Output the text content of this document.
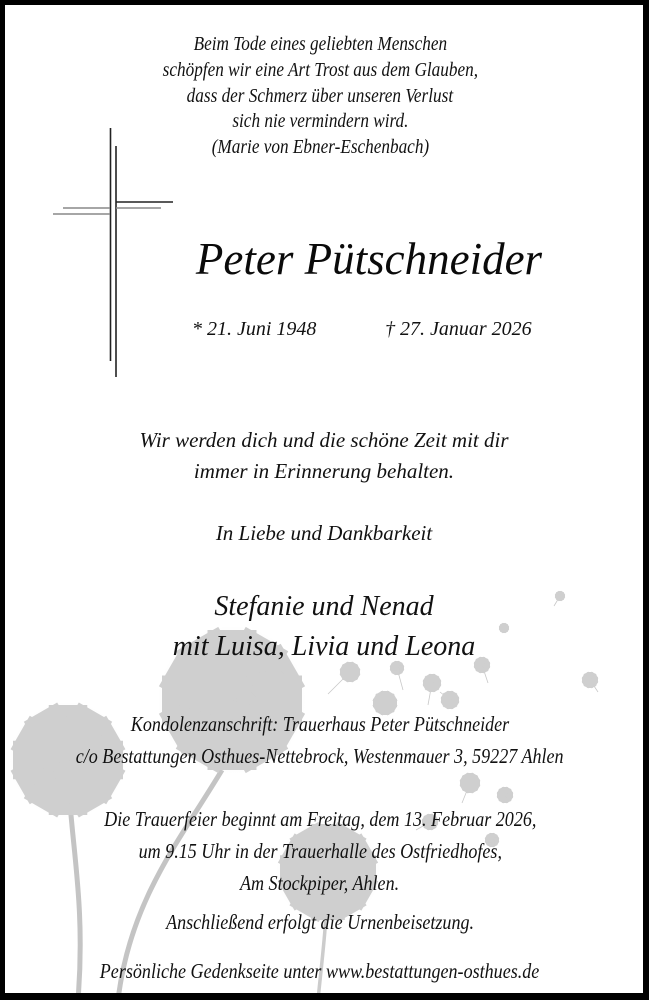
Beim Tode eines geliebten Menschen
schöpfen wir eine Art Trost aus dem Glauben,
dass der Schmerz über unseren Verlust
sich nie vermindern wird.
(Marie von Ebner-Eschenbach)
Peter Pütschneider
* 21. Juni 1948	† 27. Januar 2026
Wir werden dich und die schöne Zeit mit dir
immer in Erinnerung behalten.
In Liebe und Dankbarkeit
Stefanie und Nenad
mit Luisa, Livia und Leona
Kondolenzanschrift: Trauerhaus Peter Pütschneider
c/o Bestattungen Osthues-Nettebrock, Westenmauer 3, 59227 Ahlen
Die Trauerfeier beginnt am Freitag, dem 13. Februar 2026,
um 9.15 Uhr in der Trauerhalle des Ostfriedhofes,
Am Stockpiper, Ahlen.
Anschließend erfolgt die Urnenbeisetzung.
Persönliche Gedenkseite unter www.bestattungen-osthues.de
